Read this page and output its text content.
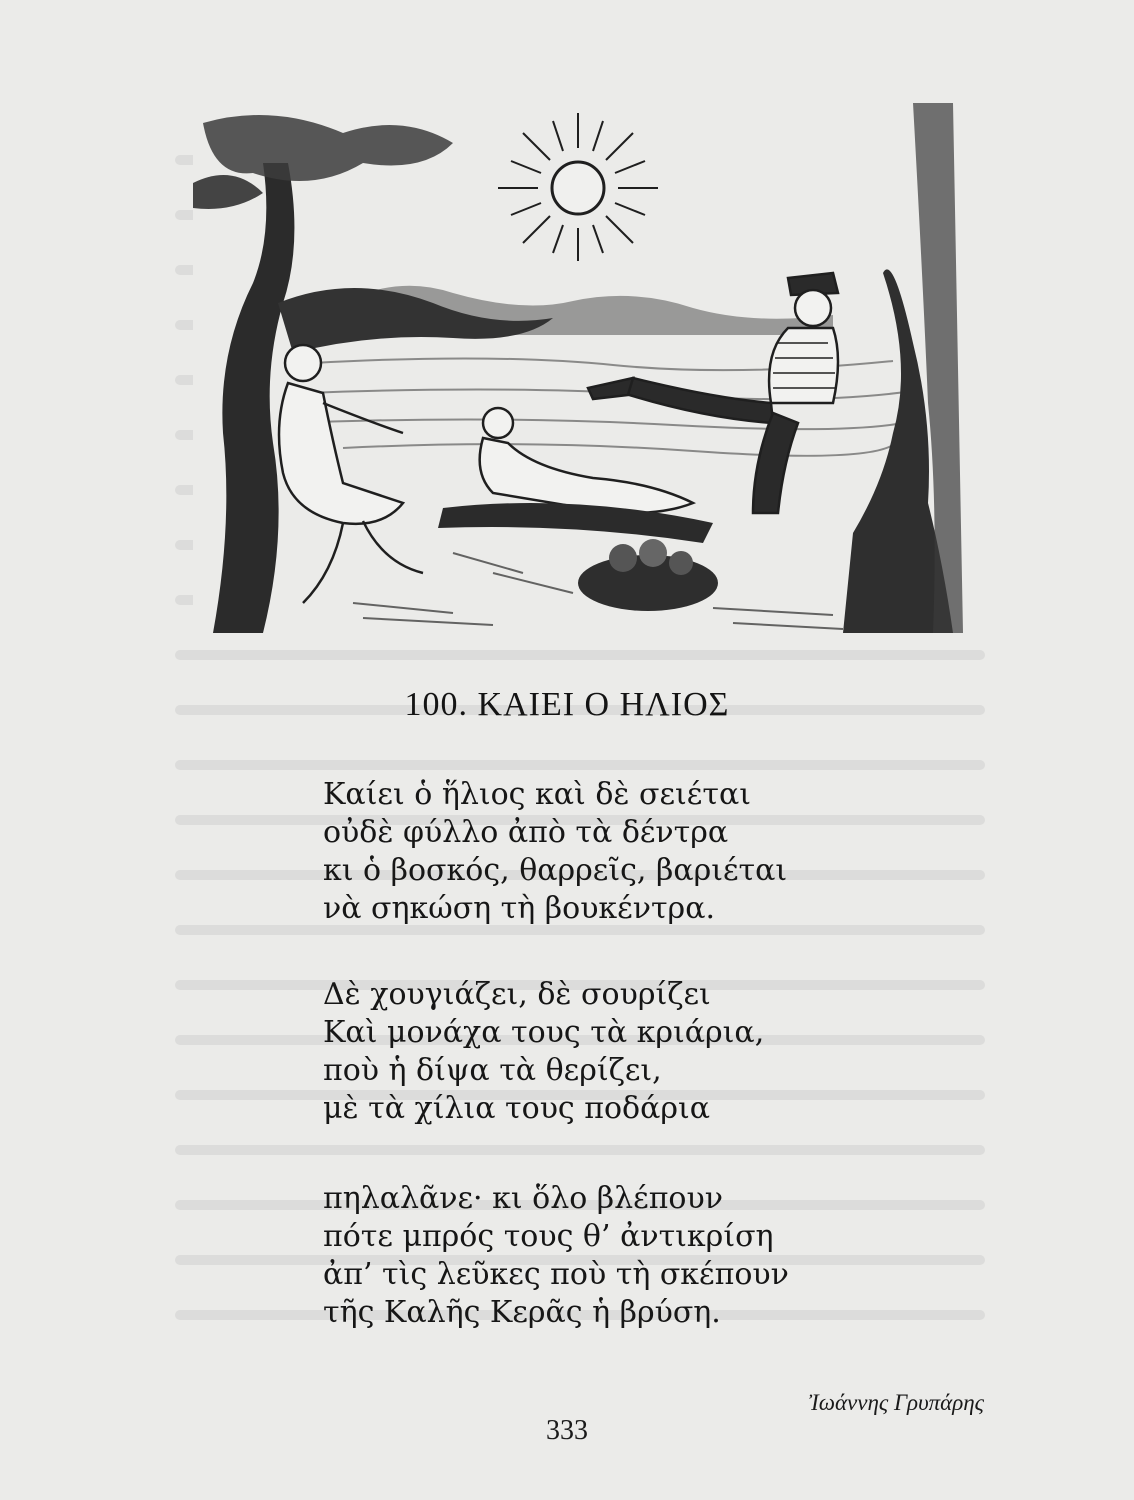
100. ΚΑΙΕΙ Ο ΗΛΙΟΣ
Καίει ὁ ἥλιος καὶ δὲ σειέται
οὐδὲ φύλλο ἀπὸ τὰ δέντρα
κι ὁ βοσκός, θαρρεῖς, βαριέται
νὰ σηκώση τὴ βουκέντρα.
Δὲ χουγιάζει, δὲ σουρίζει
Καὶ μονάχα τους τὰ κριάρια,
ποὺ ἡ δίψα τὰ θερίζει,
μὲ τὰ χίλια τους ποδάρια
πηλαλᾶνε· κι ὅλο βλέπουν
πότε μπρός τους θ’ ἀντικρίση
ἀπ’ τὶς λεῦκες ποὺ τὴ σκέπουν
τῆς Καλῆς Κερᾶς ἡ βρύση.
Ἰωάννης Γρυπάρης
333
